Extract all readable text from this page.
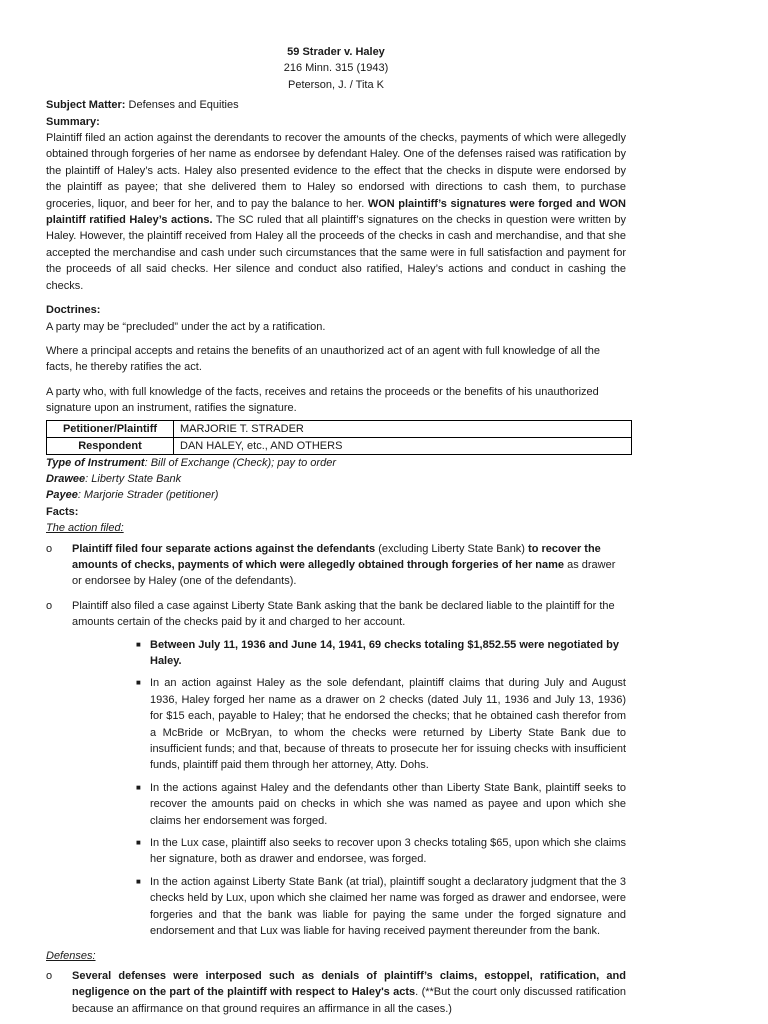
59 Strader v. Haley
216 Minn. 315 (1943)
Peterson, J. / Tita K

Subject Matter: Defenses and Equities

Summary:

Plaintiff filed an action against the derendants to recover the amounts of the checks, payments of which were allegedly obtained through forgeries of her name as endorsee by defendant Haley. One of the defenses raised was ratification by the plaintiff of Haley’s acts. Haley also presented evidence to the effect that the checks in dispute were endorsed by the plaintiff as payee; that she delivered them to Haley so endorsed with directions to cash them, to purchase groceries, liquor, and beer for her, and to pay the balance to her. WON plaintiff’s signatures were forged and WON plaintiff ratified Haley’s actions. The SC ruled that all plaintiff’s signatures on the checks in question were written by Haley. However, the plaintiff received from Haley all the proceeds of the checks in cash and merchandise, and that she accepted the merchandise and cash under such circumstances that the same were in full satisfaction and payment for the proceeds of all said checks. Her silence and conduct also ratified, Haley’s actions and conduct in cashing the checks.

Doctrines:

A party may be “precluded” under the act by a ratification.

Where a principal accepts and retains the benefits of an unauthorized act of an agent with full knowledge of all the facts, he thereby ratifies the act.

A party who, with full knowledge of the facts, receives and retains the proceeds or the benefits of his unauthorized signature upon an instrument, ratifies the signature.

Petitioner/Plaintiff	MARJORIE T. STRADER
Respondent	DAN HALEY, etc., AND OTHERS

Type of Instrument: Bill of Exchange (Check); pay to order

Drawee: Liberty State Bank

Payee: Marjorie Strader (petitioner)

Facts:

The action filed:

o Plaintiff filed four separate actions against the defendants (excluding Liberty State Bank) to recover the amounts of checks, payments of which were allegedly obtained through forgeries of her name as drawer or endorsee by Haley (one of the defendants).
o Plaintiff also filed a case against Liberty State Bank asking that the bank be declared liable to the plaintiff for the amounts certain of the checks paid by it and charged to her account.
■ Between July 11, 1936 and June 14, 1941, 69 checks totaling $1,852.55 were negotiated by Haley.
■ In an action against Haley as the sole defendant, plaintiff claims that during July and August 1936, Haley forged her name as a drawer on 2 checks (dated July 11, 1936 and July 13, 1936) for $15 each, payable to Haley; that he endorsed the checks; that he obtained cash therefor from a McBride or McBryan, to whom the checks were returned by Liberty State Bank due to insufficient funds; and that, because of threats to prosecute her for issuing checks with insufficient funds, plaintiff paid them through her attorney, Atty. Dohs.
■ In the actions against Haley and the defendants other than Liberty State Bank, plaintiff seeks to recover the amounts paid on checks in which she was named as payee and upon which she claims her endorsement was forged.
■ In the Lux case, plaintiff also seeks to recover upon 3 checks totaling $65, upon which she claims her signature, both as drawer and endorsee, was forged.
■ In the action against Liberty State Bank (at trial), plaintiff sought a declaratory judgment that the 3 checks held by Lux, upon which she claimed her name was forged as drawer and endorsee, were forgeries and that the bank was liable for paying the same under the forged signature and endorsement and that Lux was liable for having received payment thereunder from the bank.

Defenses:

o Several defenses were interposed such as denials of plaintiff’s claims, estoppel, ratification, and negligence on the part of the plaintiff with respect to Haley's acts. (**But the court only discussed ratification because an affirmance on that ground requires an affirmance in all the cases.)
